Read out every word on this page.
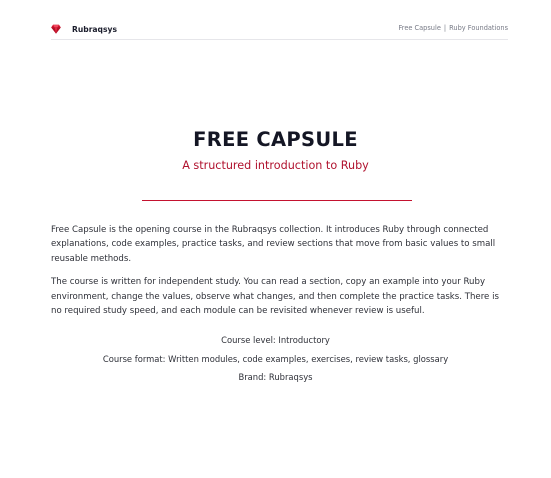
Rubraqsys	Free Capsule | Ruby Foundations
FREE CAPSULE
A structured introduction to Ruby

Free Capsule is the opening course in the Rubraqsys collection. It introduces Ruby through connected explanations, code examples, practice tasks, and review sections that move from basic values to small reusable methods.

The course is written for independent study. You can read a section, copy an example into your Ruby environment, change the values, observe what changes, and then complete the practice tasks. There is no required study speed, and each module can be revisited whenever review is useful.

Course level: Introductory
Course format: Written modules, code examples, exercises, review tasks, glossary
Brand: Rubraqsys
